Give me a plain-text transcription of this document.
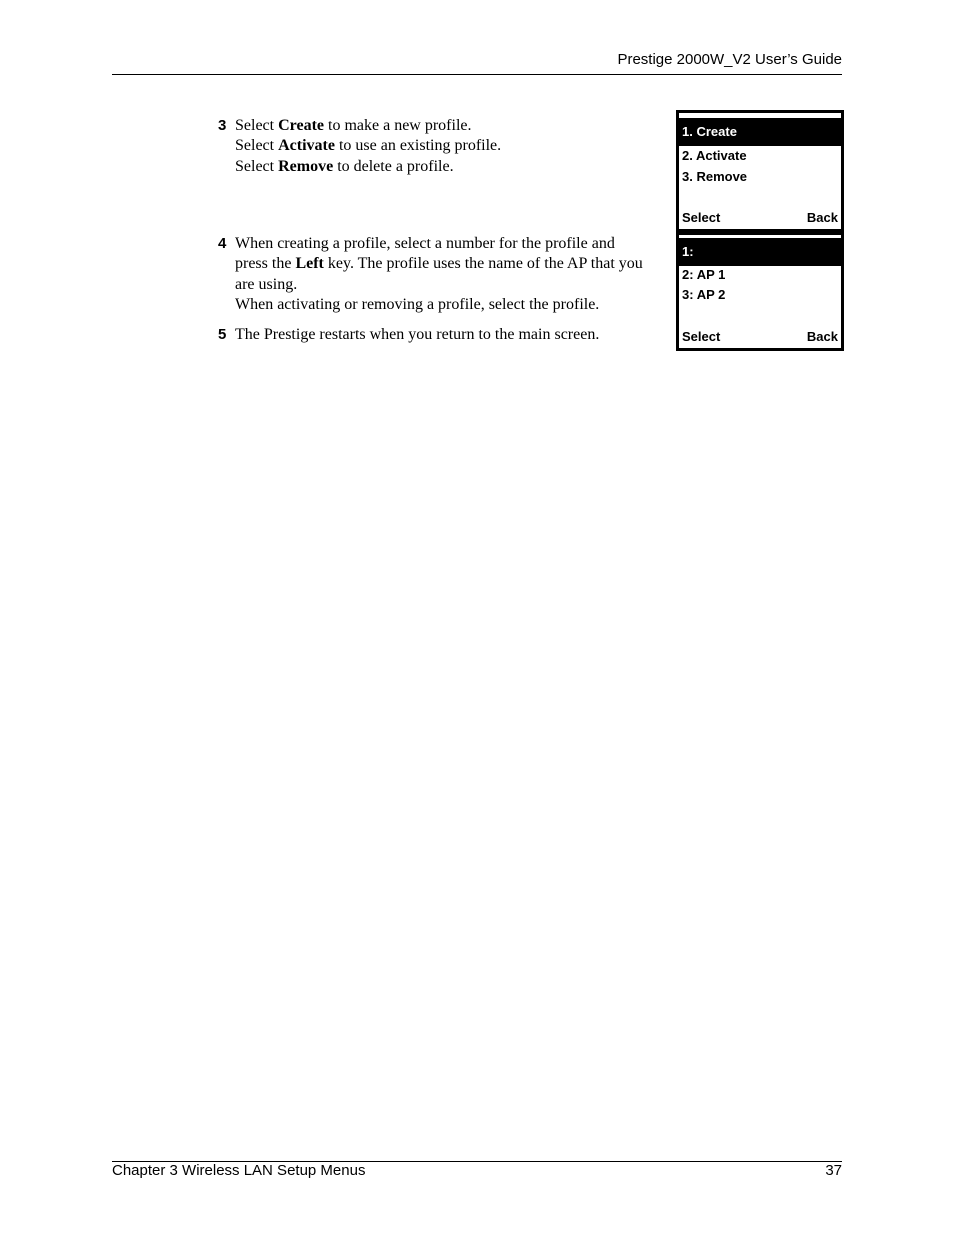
Prestige 2000W_V2 User’s Guide
3 Select Create to make a new profile.
Select Activate to use an existing profile.
Select Remove to delete a profile.
4 When creating a profile, select a number for the profile and
press the Left key. The profile uses the name of the AP that you
are using.
When activating or removing a profile, select the profile.
5 The Prestige restarts when you return to the main screen.
1. Create
2. Activate
3. Remove
Select	Back
1:
2: AP 1
3: AP 2
Select	Back
Chapter 3 Wireless LAN Setup Menus	37
